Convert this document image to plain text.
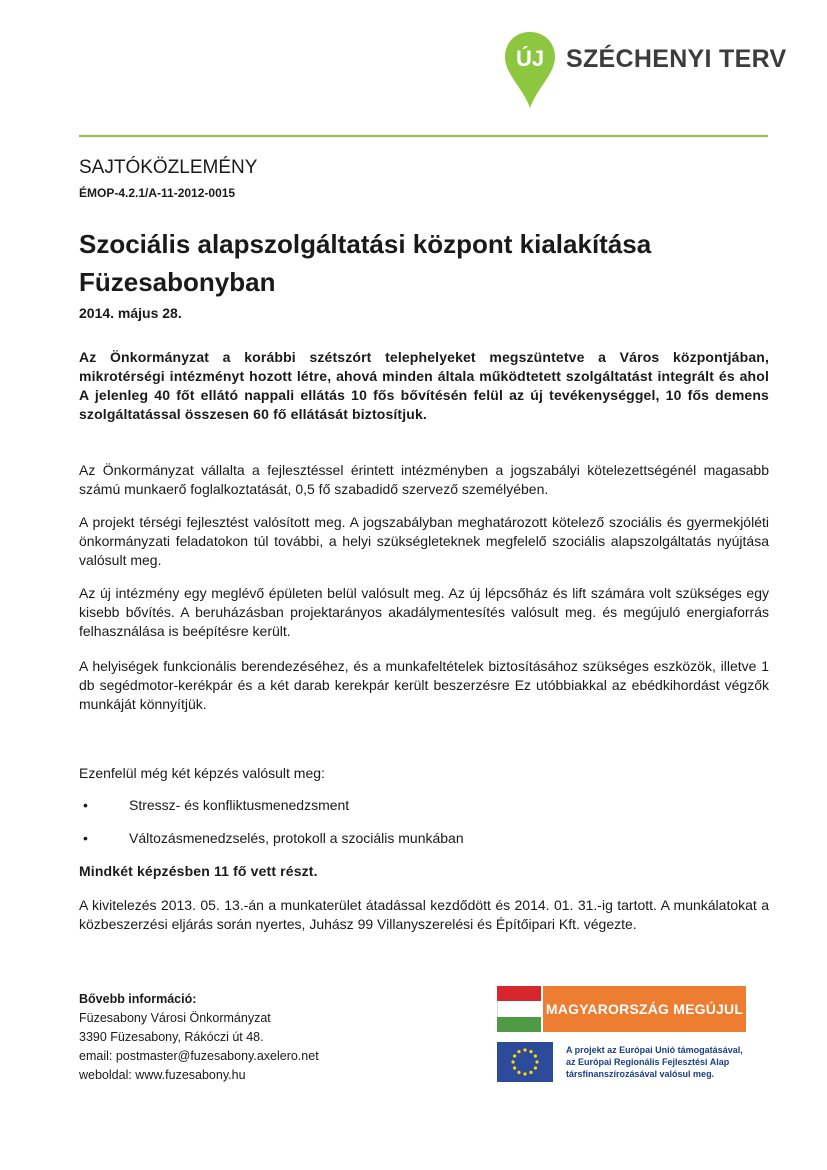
ÚJ SZÉCHENYI TERV
SAJTÓKÖZLEMÉNY
ÉMOP-4.2.1/A-11-2012-0015
Szociális alapszolgáltatási központ kialakítása
Füzesabonyban
2014. május 28.
Az Önkormányzat a korábbi szétszórt telephelyeket megszüntetve a Város központjában, mikrotérségi intézményt hozott létre, ahová minden általa működtetett szolgáltatást integrált és ahol A jelenleg 40 főt ellátó nappali ellátás 10 fős bővítésén felül az új tevékenységgel, 10 fős demens szolgáltatással összesen 60 fő ellátását biztosítjuk.
Az Önkormányzat vállalta a fejlesztéssel érintett intézményben a jogszabályi kötelezettségénél magasabb számú munkaerő foglalkoztatását, 0,5 fő szabadidő szervező személyében.
A projekt térségi fejlesztést valósított meg. A jogszabályban meghatározott kötelező szociális és gyermekjóléti önkormányzati feladatokon túl további, a helyi szükségleteknek megfelelő szociális alapszolgáltatás nyújtása valósult meg.
Az új intézmény egy meglévő épületen belül valósult meg. Az új lépcsőház és lift számára volt szükséges egy kisebb bővítés. A beruházásban projektarányos akadálymentesítés valósult meg. és megújuló energiaforrás felhasználása is beépítésre került.
A helyiségek funkcionális berendezéséhez, és a munkafeltételek biztosításához szükséges eszközök, illetve 1 db segédmotor-kerékpár és a két darab kerekpár került beszerzésre Ez utóbbiakkal az ebédkihordást végzők munkáját könnyítjük.
Ezenfelül még két képzés valósult meg:
•	Stressz- és konfliktusmenedzsment
•	Változásmenedzselés, protokoll a szociális munkában
Mindkét képzésben 11 fő vett részt.
A kivitelezés 2013. 05. 13.-án a munkaterület átadással kezdődött és 2014. 01. 31.-ig tartott. A munkálatokat a közbeszerzési eljárás során nyertes, Juhász 99 Villanyszerelési és Építőipari Kft. végezte.
Bővebb információ:
Füzesabony Városi Önkormányzat
3390 Füzesabony, Rákóczi út 48.
email: postmaster@fuzesabony.axelero.net
weboldal: www.fuzesabony.hu
MAGYARORSZÁG MEGÚJUL
A projekt az Európai Unió támogatásával,
az Európai Regionális Fejlesztési Alap
társfinanszírozásával valósul meg.
